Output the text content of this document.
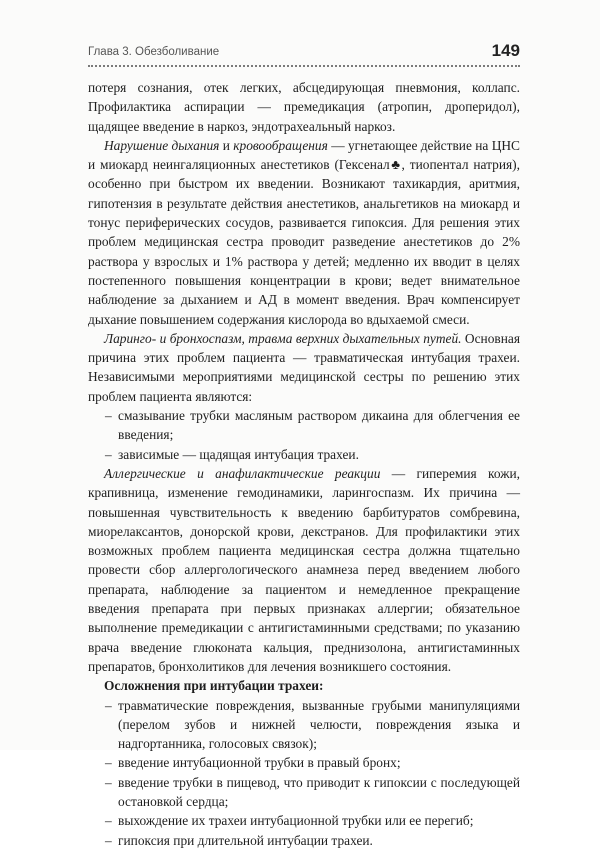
Глава 3. Обезболивание	149

потеря сознания, отек легких, абсцедирующая пневмония, коллапс. Профилактика аспирации — премедикация (атропин, дроперидол), щадящее введение в наркоз, эндотрахеальный наркоз.

Нарушение дыхания и кровообращения — угнетающее действие на ЦНС и миокард неингаляционных анестетиков (Гексенал♣, тиопентал натрия), особенно при быстром их введении. Возникают тахикардия, аритмия, гипотензия в результате действия анестетиков, анальгетиков на миокард и тонус периферических сосудов, развивается гипоксия. Для решения этих проблем медицинская сестра проводит разведение анестетиков до 2% раствора у взрослых и 1% раствора у детей; медленно их вводит в целях постепенного повышения концентрации в крови; ведет внимательное наблюдение за дыханием и АД в момент введения. Врач компенсирует дыхание повышением содержания кислорода во вдыхаемой смеси.

Ларинго- и бронхоспазм, травма верхних дыхательных путей. Основная причина этих проблем пациента — травматическая интубация трахеи. Независимыми мероприятиями медицинской сестры по решению этих проблем пациента являются:

– смазывание трубки масляным раствором дикаина для облегчения ее введения;
– зависимые — щадящая интубация трахеи.

Аллергические и анафилактические реакции — гиперемия кожи, крапивница, изменение гемодинамики, ларингоспазм. Их причина — повышенная чувствительность к введению барбитуратов сомбревина, миорелаксантов, донорской крови, декстранов. Для профилактики этих возможных проблем пациента медицинская сестра должна тщательно провести сбор аллергологического анамнеза перед введением любого препарата, наблюдение за пациентом и немедленное прекращение введения препарата при первых признаках аллергии; обязательное выполнение премедикации с антигистаминными средствами; по указанию врача введение глюконата кальция, преднизолона, антигистаминных препаратов, бронхолитиков для лечения возникшего состояния.

Осложнения при интубации трахеи:

– травматические повреждения, вызванные грубыми манипуляциями (перелом зубов и нижней челюсти, повреждения языка и надгортанника, голосовых связок);
– введение интубационной трубки в правый бронх;
– введение трубки в пищевод, что приводит к гипоксии с последующей остановкой сердца;
– выхождение их трахеи интубационной трубки или ее перегиб;
– гипоксия при длительной интубации трахеи.
